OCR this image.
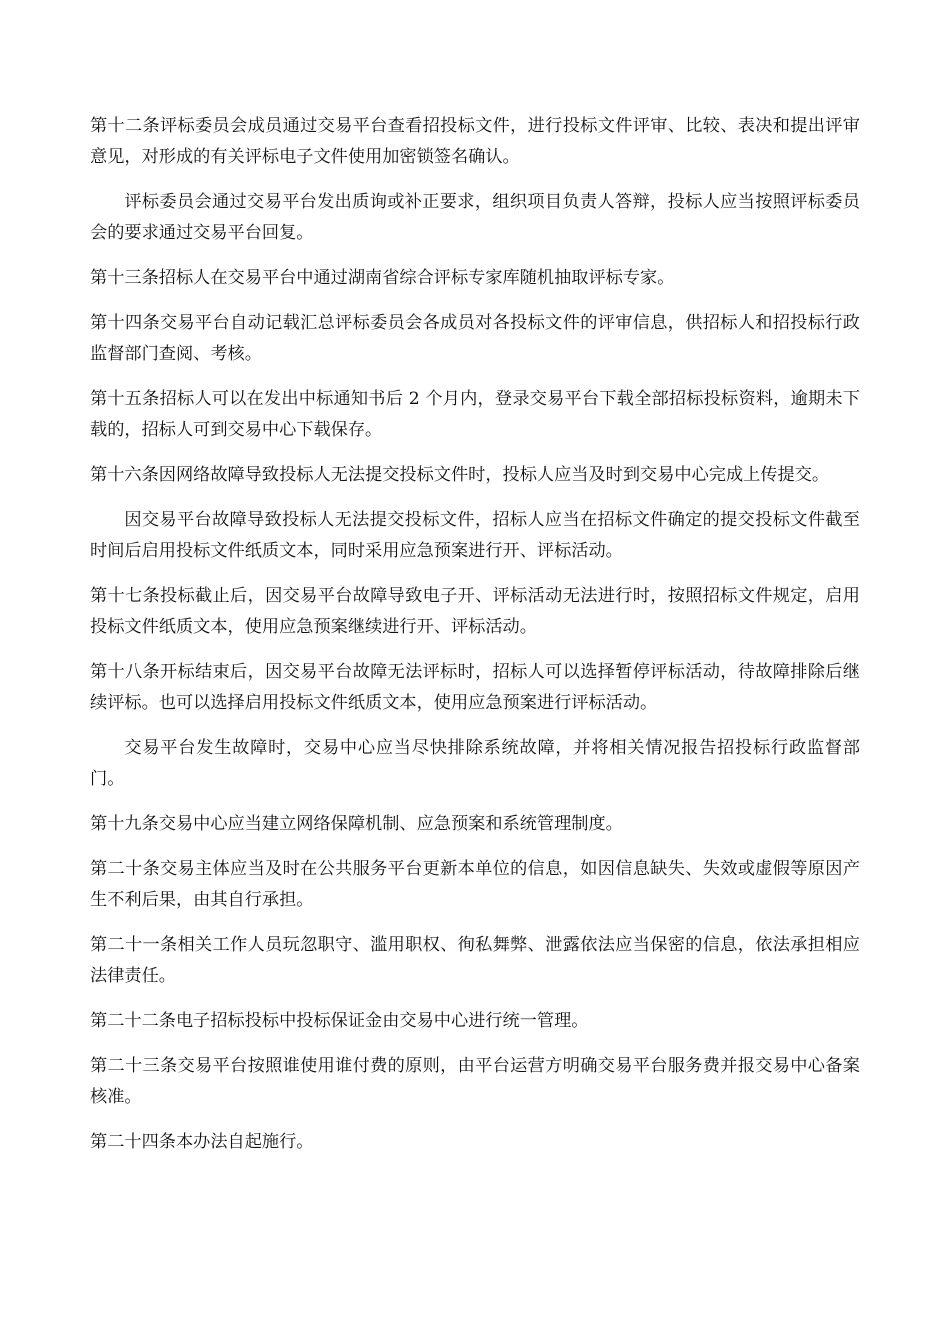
第十二条评标委员会成员通过交易平台查看招投标文件，进行投标文件评审、比较、表决和提出评审意见，对形成的有关评标电子文件使用加密锁签名确认。

评标委员会通过交易平台发出质询或补正要求，组织项目负责人答辩，投标人应当按照评标委员会的要求通过交易平台回复。

第十三条招标人在交易平台中通过湖南省综合评标专家库随机抽取评标专家。

第十四条交易平台自动记载汇总评标委员会各成员对各投标文件的评审信息，供招标人和招投标行政监督部门查阅、考核。

第十五条招标人可以在发出中标通知书后 2 个月内，登录交易平台下载全部招标投标资料，逾期未下载的，招标人可到交易中心下载保存。

第十六条因网络故障导致投标人无法提交投标文件时，投标人应当及时到交易中心完成上传提交。

因交易平台故障导致投标人无法提交投标文件，招标人应当在招标文件确定的提交投标文件截至时间后启用投标文件纸质文本，同时采用应急预案进行开、评标活动。

第十七条投标截止后，因交易平台故障导致电子开、评标活动无法进行时，按照招标文件规定，启用投标文件纸质文本，使用应急预案继续进行开、评标活动。

第十八条开标结束后，因交易平台故障无法评标时，招标人可以选择暂停评标活动，待故障排除后继续评标。也可以选择启用投标文件纸质文本，使用应急预案进行评标活动。

交易平台发生故障时，交易中心应当尽快排除系统故障，并将相关情况报告招投标行政监督部门。

第十九条交易中心应当建立网络保障机制、应急预案和系统管理制度。

第二十条交易主体应当及时在公共服务平台更新本单位的信息，如因信息缺失、失效或虚假等原因产生不利后果，由其自行承担。

第二十一条相关工作人员玩忽职守、滥用职权、徇私舞弊、泄露依法应当保密的信息，依法承担相应法律责任。

第二十二条电子招标投标中投标保证金由交易中心进行统一管理。

第二十三条交易平台按照谁使用谁付费的原则，由平台运营方明确交易平台服务费并报交易中心备案核准。

第二十四条本办法自起施行。
